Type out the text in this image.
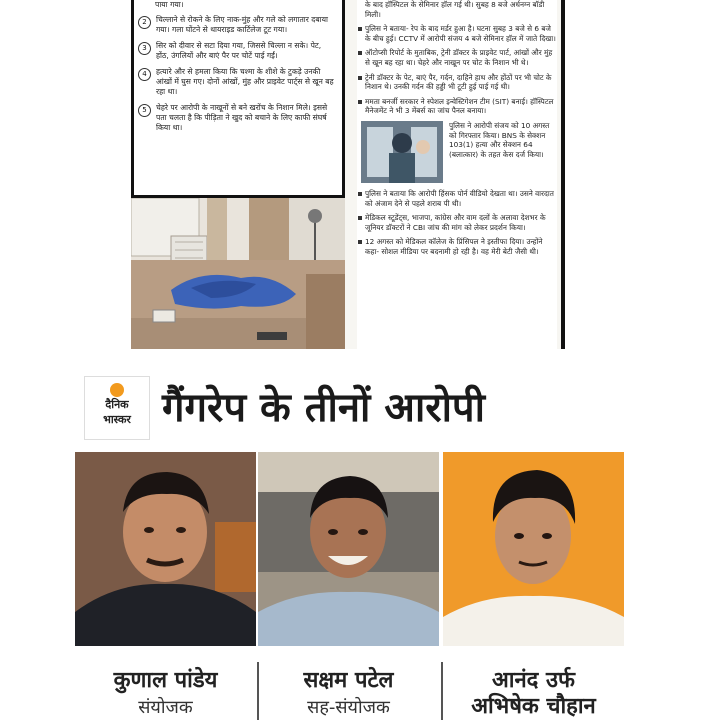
पाया गया।
2	चिल्लाने से रोकने के लिए नाक-मुंह और गले को लगातार दबाया गया। गला घोंटने से थायराइड कार्टिलेज टूट गया।
3	सिर को दीवार से सटा दिया गया, जिससे चिल्ला न सके। पेट, होंठ, उंगलियों और बाएं पैर पर चोटें पाई गईं।
4	हत्यारे और से हमला किया कि चश्मा के शीशे के टुकड़े उनकी आंखों में घुस गए। दोनों आंखों, मुंह और प्राइवेट पार्ट्स से खून बह रहा था।
5	चेहरे पर आरोपी के नाखूनों से बने खरोंच के निशान मिले। इससे पता चलता है कि पीड़िता ने खुद को बचाने के लिए काफी संघर्ष किया था।
के बाद हॉस्पिटल के सेमिनार हॉल गई थी। सुबह 8 बजे अर्धनग्न बॉडी मिली।
पुलिस ने बताया- रेप के बाद मर्डर हुआ है। घटना सुबह 3 बजे से 6 बजे के बीच हुई। CCTV में आरोपी संजय 4 बजे सेमिनार हॉल में जाते दिखा।
ऑटोप्सी रिपोर्ट के मुताबिक, ट्रेनी डॉक्टर के प्राइवेट पार्ट, आंखों और मुंह से खून बह रहा था। चेहरे और नाखून पर चोट के निशान भी थे।
ट्रेनी डॉक्टर के पेट, बाएं पैर, गर्दन, दाहिने हाथ और होंठों पर भी चोट के निशान थे। उनकी गर्दन की हड्डी भी टूटी हुई पाई गई थी।
ममता बनर्जी सरकार ने स्पेशल इन्वेस्टिगेशन टीम (SIT) बनाई। हॉस्पिटल मैनेजमेंट ने भी 3 मेंबर्स का जांच पैनल बनाया।
पुलिस ने आरोपी संजय को 10 अगस्त को गिरफ्तार किया। BNS के सेक्शन 103(1) हत्या और सेक्शन 64 (बलात्कार) के तहत केस दर्ज किया।
पुलिस ने बताया कि आरोपी हिंसक पोर्न वीडियो देखता था। उसने वारदात को अंजाम देने से पहले शराब पी थी।
मेडिकल स्टूडेंट्स, भाजपा, कांग्रेस और वाम दलों के अलावा देशभर के जूनियर डॉक्टरों ने CBI जांच की मांग को लेकर प्रदर्शन किया।
12 अगस्त को मेडिकल कॉलेज के प्रिंसिपल ने इस्तीफा दिया। उन्होंने कहा- सोशल मीडिया पर बदनामी हो रही है। वह मेरी बेटी जैसी थी।
दैनिक
भास्कर गैंगरेप के तीनों आरोपी
कुणाल पांडेय
संयोजक
सक्षम पटेल
सह-संयोजक
आनंद उर्फ
अभिषेक चौहान
